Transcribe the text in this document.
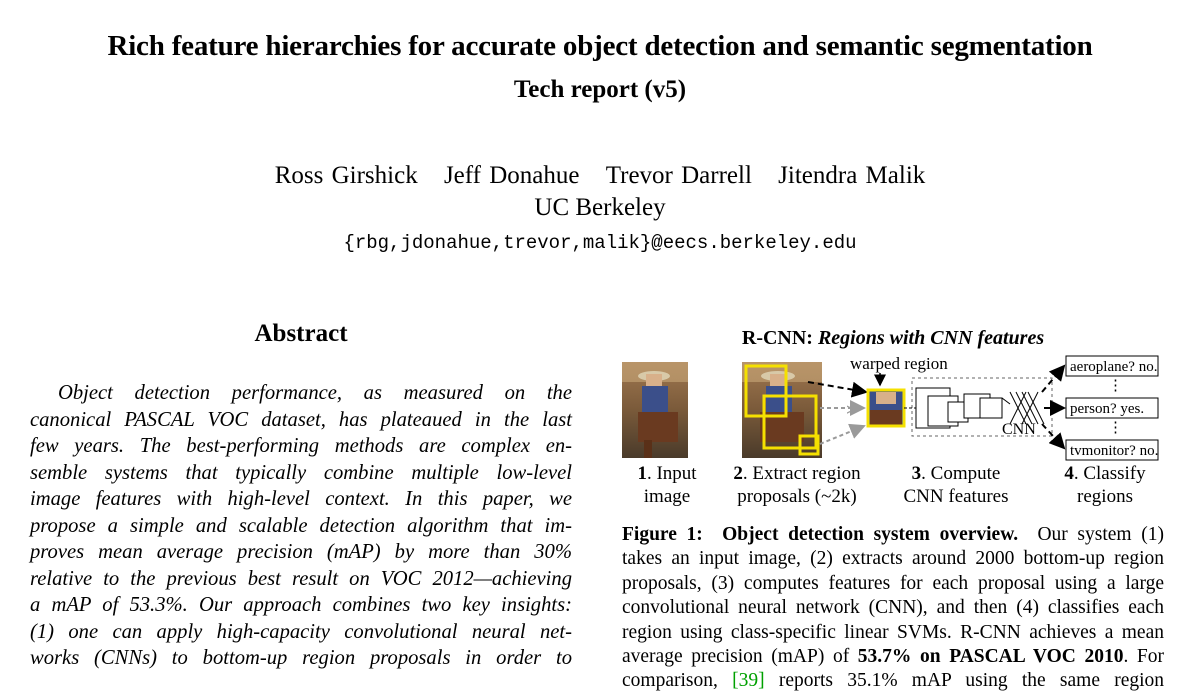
Rich feature hierarchies for accurate object detection and semantic segmentation
Tech report (v5)
Ross Girshick Jeff Donahue Trevor Darrell Jitendra Malik
UC Berkeley
{rbg,jdonahue,trevor,malik}@eecs.berkeley.edu
Abstract
Object detection performance, as measured on the
canonical PASCAL VOC dataset, has plateaued in the last
few years. The best-performing methods are complex en-
semble systems that typically combine multiple low-level
image features with high-level context. In this paper, we
propose a simple and scalable detection algorithm that im-
proves mean average precision (mAP) by more than 30%
relative to the previous best result on VOC 2012—achieving
a mAP of 53.3%. Our approach combines two key insights:
(1) one can apply high-capacity convolutional neural net-
works (CNNs) to bottom-up region proposals in order to
R-CNN: Regions with CNN features
≫
warped region
CNN
aeroplane? no.
⋮
person? yes.
⋮
tvmonitor? no.
1. Input
image
2. Extract region
proposals (~2k)
3. Compute
CNN features
4. Classify
regions
Figure 1: Object detection system overview. Our system (1)
takes an input image, (2) extracts around 2000 bottom-up region
proposals, (3) computes features for each proposal using a large
convolutional neural network (CNN), and then (4) classifies each
region using class-specific linear SVMs. R-CNN achieves a mean
average precision (mAP) of 53.7% on PASCAL VOC 2010. For
comparison, [39] reports 35.1% mAP using the same region
